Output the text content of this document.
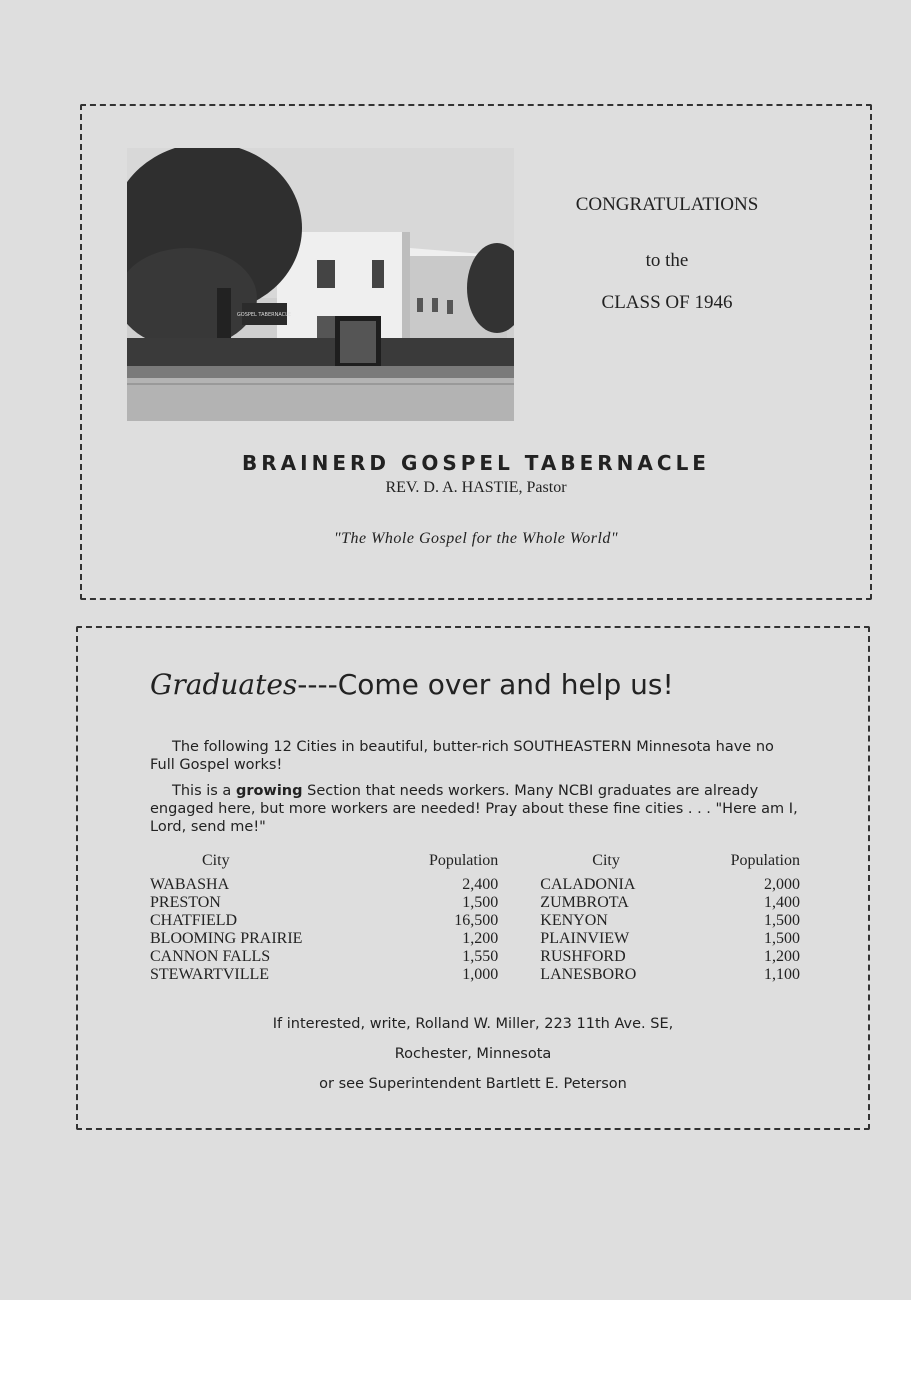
GOSPEL TABERNACLE
CONGRATULATIONS
to the
CLASS OF 1946
BRAINERD GOSPEL TABERNACLE
REV. D. A. HASTIE, Pastor
"The Whole Gospel for the Whole World"
Graduates----Come over and help us!
The following 12 Cities in beautiful, butter-rich SOUTHEASTERN Minnesota have no Full Gospel works!
This is a growing Section that needs workers. Many NCBI graduates are already engaged here, but more workers are needed! Pray about these fine cities . . . "Here am I, Lord, send me!"
City	Population		City	Population
WABASHA	2,400		CALADONIA	2,000
PRESTON	1,500		ZUMBROTA	1,400
CHATFIELD	16,500		KENYON	1,500
BLOOMING PRAIRIE	1,200		PLAINVIEW	1,500
CANNON FALLS	1,550		RUSHFORD	1,200
STEWARTVILLE	1,000		LANESBORO	1,100
If interested, write, Rolland W. Miller, 223 11th Ave. SE,
Rochester, Minnesota
or see Superintendent Bartlett E. Peterson
